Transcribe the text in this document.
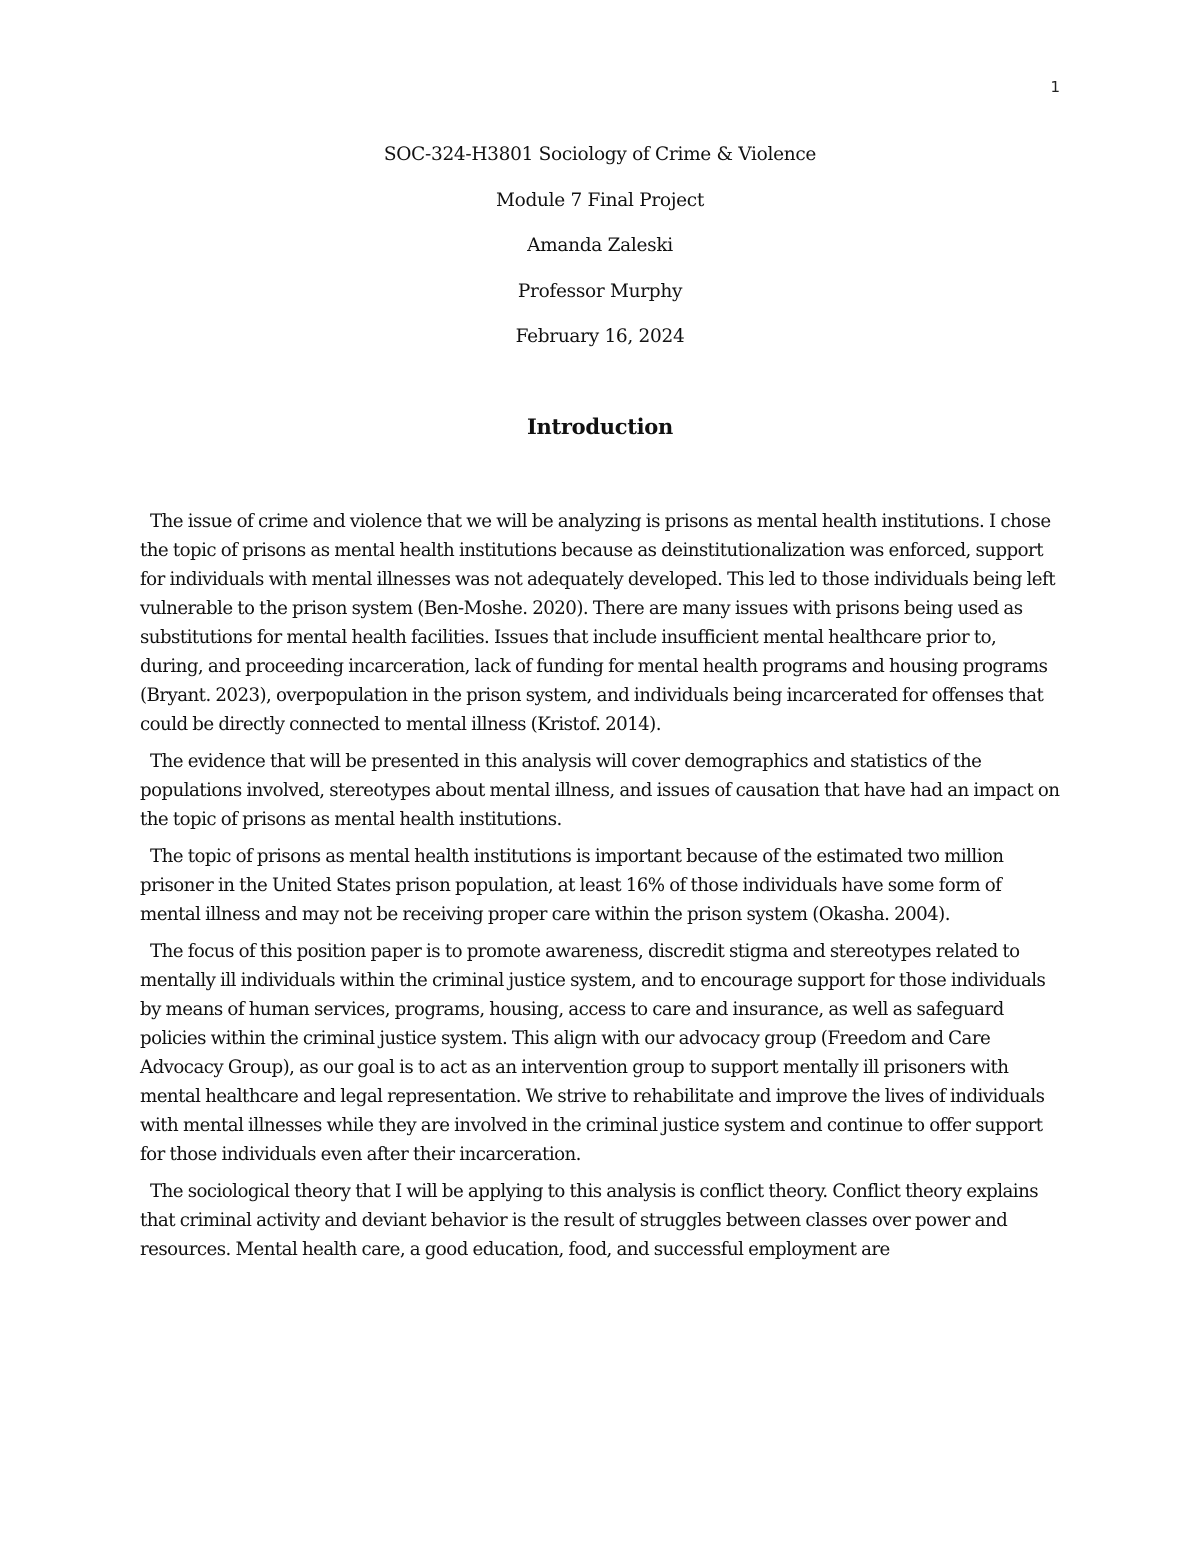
1

SOC-324-H3801 Sociology of Crime & Violence

Module 7 Final Project

Amanda Zaleski

Professor Murphy

February 16, 2024

Introduction

The issue of crime and violence that we will be analyzing is prisons as mental health institutions. I chose the topic of prisons as mental health institutions because as deinstitutionalization was enforced, support for individuals with mental illnesses was not adequately developed. This led to those individuals being left vulnerable to the prison system (Ben-Moshe. 2020). There are many issues with prisons being used as substitutions for mental health facilities. Issues that include insufficient mental healthcare prior to, during, and proceeding incarceration, lack of funding for mental health programs and housing programs (Bryant. 2023), overpopulation in the prison system, and individuals being incarcerated for offenses that could be directly connected to mental illness (Kristof. 2014).

The evidence that will be presented in this analysis will cover demographics and statistics of the populations involved, stereotypes about mental illness, and issues of causation that have had an impact on the topic of prisons as mental health institutions.

The topic of prisons as mental health institutions is important because of the estimated two million prisoner in the United States prison population, at least 16% of those individuals have some form of mental illness and may not be receiving proper care within the prison system (Okasha. 2004).

The focus of this position paper is to promote awareness, discredit stigma and stereotypes related to mentally ill individuals within the criminal justice system, and to encourage support for those individuals by means of human services, programs, housing, access to care and insurance, as well as safeguard policies within the criminal justice system. This align with our advocacy group (Freedom and Care Advocacy Group), as our goal is to act as an intervention group to support mentally ill prisoners with mental healthcare and legal representation. We strive to rehabilitate and improve the lives of individuals with mental illnesses while they are involved in the criminal justice system and continue to offer support for those individuals even after their incarceration.

The sociological theory that I will be applying to this analysis is conflict theory. Conflict theory explains that criminal activity and deviant behavior is the result of struggles between classes over power and resources. Mental health care, a good education, food, and successful employment are
